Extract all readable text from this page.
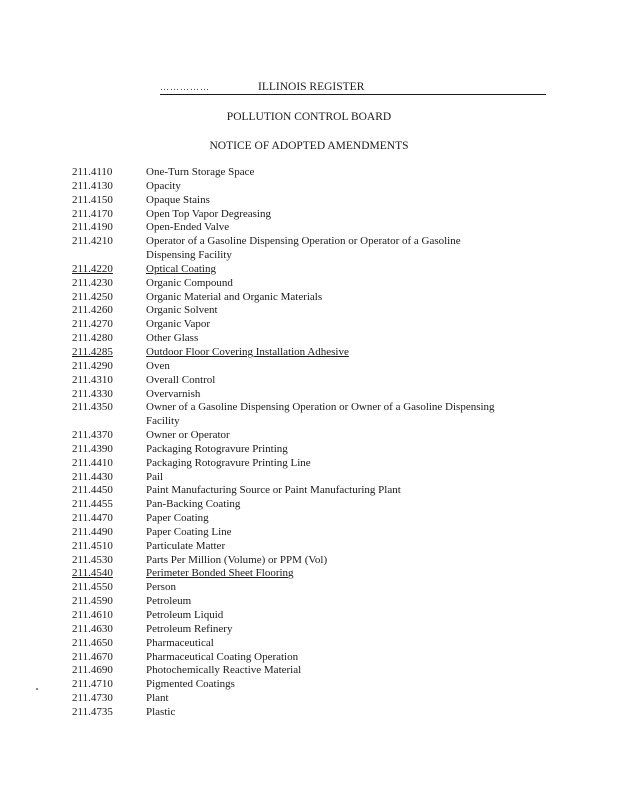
……………	ILLINOIS REGISTER
POLLUTION CONTROL BOARD
NOTICE OF ADOPTED AMENDMENTS
211.4110	One-Turn Storage Space
211.4130	Opacity
211.4150	Opaque Stains
211.4170	Open Top Vapor Degreasing
211.4190	Open-Ended Valve
211.4210	Operator of a Gasoline Dispensing Operation or Operator of a Gasoline
Dispensing Facility
211.4220	Optical Coating
211.4230	Organic Compound
211.4250	Organic Material and Organic Materials
211.4260	Organic Solvent
211.4270	Organic Vapor
211.4280	Other Glass
211.4285	Outdoor Floor Covering Installation Adhesive
211.4290	Oven
211.4310	Overall Control
211.4330	Overvarnish
211.4350	Owner of a Gasoline Dispensing Operation or Owner of a Gasoline Dispensing
Facility
211.4370	Owner or Operator
211.4390	Packaging Rotogravure Printing
211.4410	Packaging Rotogravure Printing Line
211.4430	Pail
211.4450	Paint Manufacturing Source or Paint Manufacturing Plant
211.4455	Pan-Backing Coating
211.4470	Paper Coating
211.4490	Paper Coating Line
211.4510	Particulate Matter
211.4530	Parts Per Million (Volume) or PPM (Vol)
211.4540	Perimeter Bonded Sheet Flooring
211.4550	Person
211.4590	Petroleum
211.4610	Petroleum Liquid
211.4630	Petroleum Refinery
211.4650	Pharmaceutical
211.4670	Pharmaceutical Coating Operation
211.4690	Photochemically Reactive Material
211.4710	Pigmented Coatings
211.4730	Plant
211.4735	Plastic
